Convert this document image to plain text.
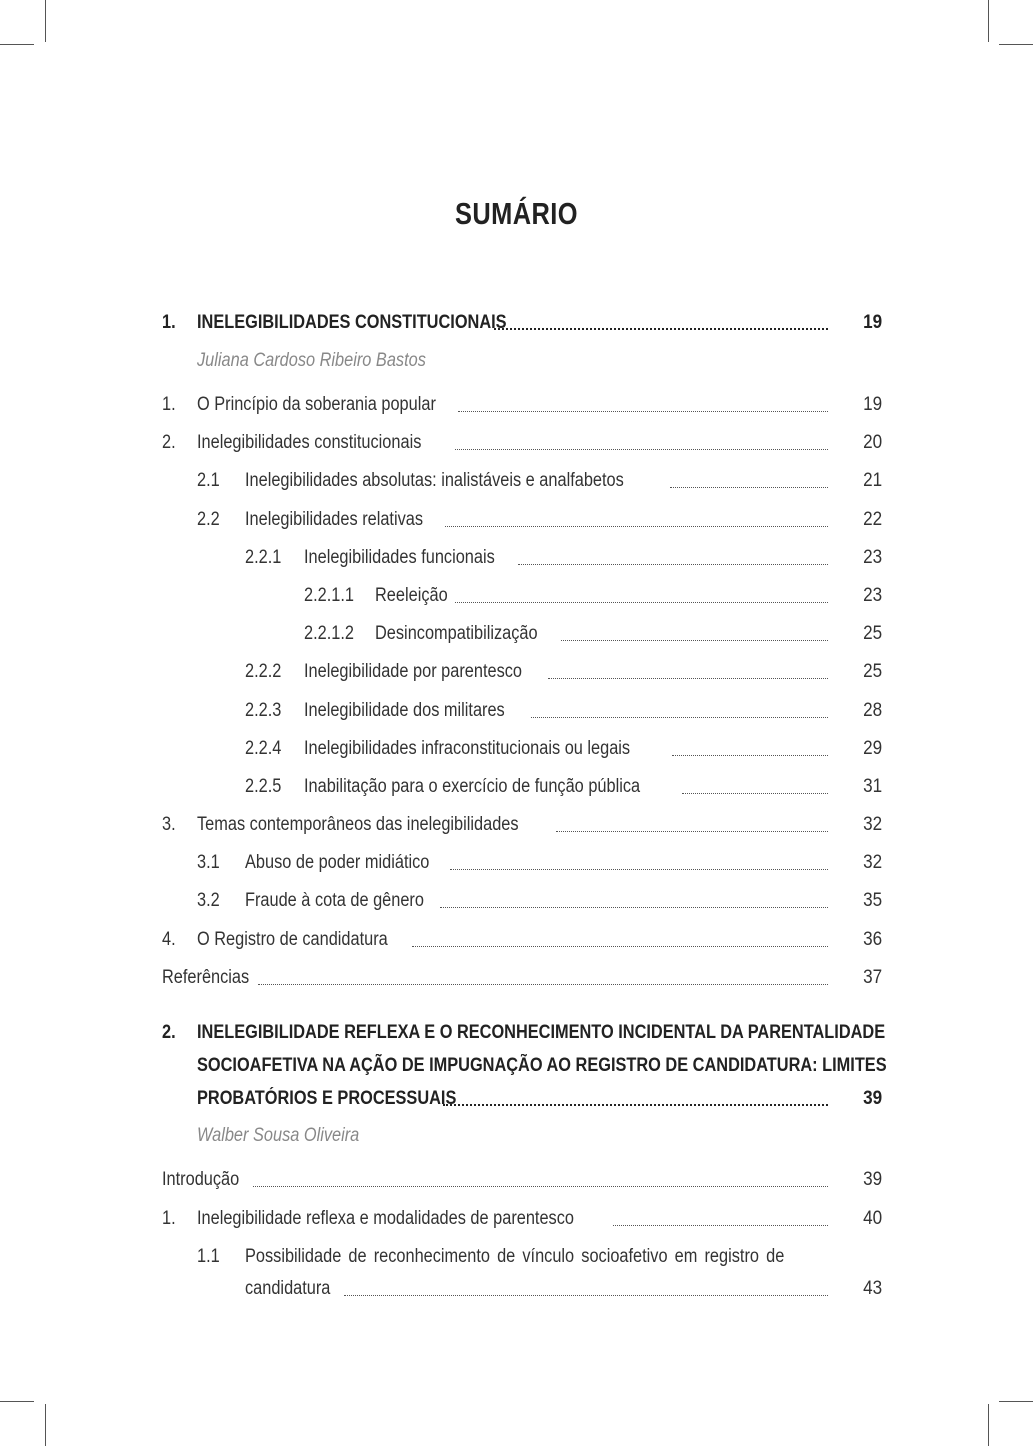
SUMÁRIO
1. INELEGIBILIDADES CONSTITUCIONAIS	19
Juliana Cardoso Ribeiro Bastos
1. O Princípio da soberania popular	19
2. Inelegibilidades constitucionais	20
2.1 Inelegibilidades absolutas: inalistáveis e analfabetos	21
2.2 Inelegibilidades relativas	22
2.2.1 Inelegibilidades funcionais	23
2.2.1.1 Reeleição	23
2.2.1.2 Desincompatibilização	25
2.2.2 Inelegibilidade por parentesco	25
2.2.3 Inelegibilidade dos militares	28
2.2.4 Inelegibilidades infraconstitucionais ou legais	29
2.2.5 Inabilitação para o exercício de função pública	31
3. Temas contemporâneos das inelegibilidades	32
3.1 Abuso de poder midiático	32
3.2 Fraude à cota de gênero	35
4. O Registro de candidatura	36
Referências	37
2. INELEGIBILIDADE REFLEXA E O RECONHECIMENTO INCIDENTAL DA PARENTALIDADE
SOCIOAFETIVA NA AÇÃO DE IMPUGNAÇÃO AO REGISTRO DE CANDIDATURA: LIMITES
PROBATÓRIOS E PROCESSUAIS	39
Walber Sousa Oliveira
Introdução	39
1. Inelegibilidade reflexa e modalidades de parentesco	40
1.1 Possibilidade de reconhecimento de vínculo socioafetivo em registro de
candidatura	43
